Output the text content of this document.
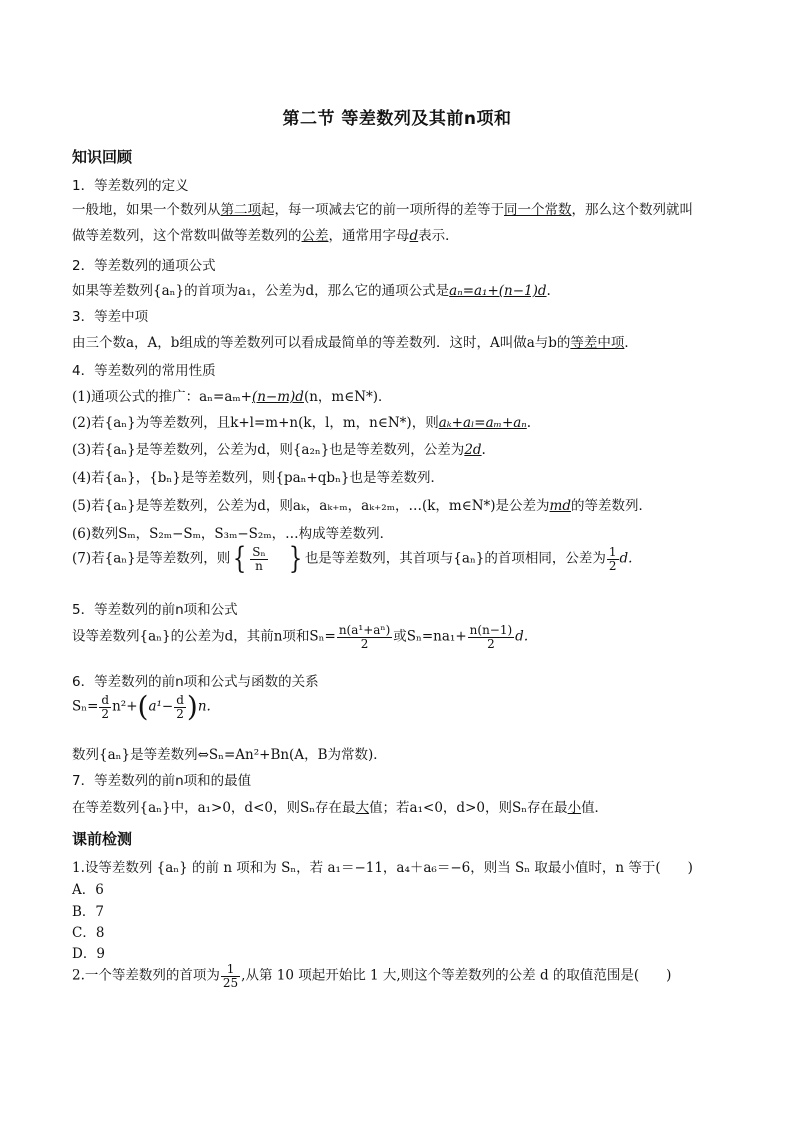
第二节 等差数列及其前n项和
知识回顾
1．等差数列的定义
一般地，如果一个数列从第二项起，每一项减去它的前一项所得的差等于同一个常数，那么这个数列就叫
做等差数列，这个常数叫做等差数列的公差，通常用字母d表示．
2．等差数列的通项公式
如果等差数列{aₙ}的首项为a₁，公差为d，那么它的通项公式是aₙ=a₁+(n−1)d.
3．等差中项
由三个数a，A，b组成的等差数列可以看成最简单的等差数列．这时，A叫做a与b的等差中项．
4．等差数列的常用性质
(1)通项公式的推广：aₙ=aₘ+(n−m)d(n，m∈N*)．
(2)若{aₙ}为等差数列，且k+l=m+n(k，l，m，n∈N*)，则aₖ+aₗ=aₘ+aₙ.
(3)若{aₙ}是等差数列，公差为d，则{a₂ₙ}也是等差数列，公差为2d.
(4)若{aₙ}，{bₙ}是等差数列，则{paₙ+qbₙ}也是等差数列．
(5)若{aₙ}是等差数列，公差为d，则aₖ，aₖ₊ₘ，aₖ₊₂ₘ，…(k，m∈N*)是公差为md的等差数列．
(6)数列Sₘ，S₂ₘ−Sₘ，S₃ₘ−S₂ₘ，…构成等差数列．
(7)若{aₙ}是等差数列，则{ $\frac{\text{Sₙ}}{n}$ } 也是等差数列，其首项与{aₙ}的首项相同，公差为 $\frac{1}{2} d$.
5．等差数列的前n项和公式
设等差数列{aₙ}的公差为d，其前n项和$S_n= \frac{\text{n(a¹+aⁿ)}}{2}$ 或$S_n=na_1+ \frac{n(n-1)}{2} d$.
6．等差数列的前n项和公式与函数的关系
$S_n= \frac{d}{2} n^2+(a^1- \frac{d}{2} )n$.
数列{aₙ}是等差数列⇔Sₙ=An²+Bn(A，B为常数)．
7．等差数列的前n项和的最值
在等差数列{aₙ}中，a₁>0，d<0，则Sₙ存在最大值；若a₁<0，d>0，则Sₙ存在最小值．
课前检测
1.设等差数列 {aₙ} 的前 n 项和为 Sₙ，若 a₁＝−11，a₄＋a₆＝−6，则当 Sₙ 取最小值时，n 等于(　　)
A．6
B．7
C．8
D．9
2.一个等差数列的首项为 $\frac{1}{25}$ ,从第 10 项起开始比 1 大,则这个等差数列的公差 d 的取值范围是(　　)
